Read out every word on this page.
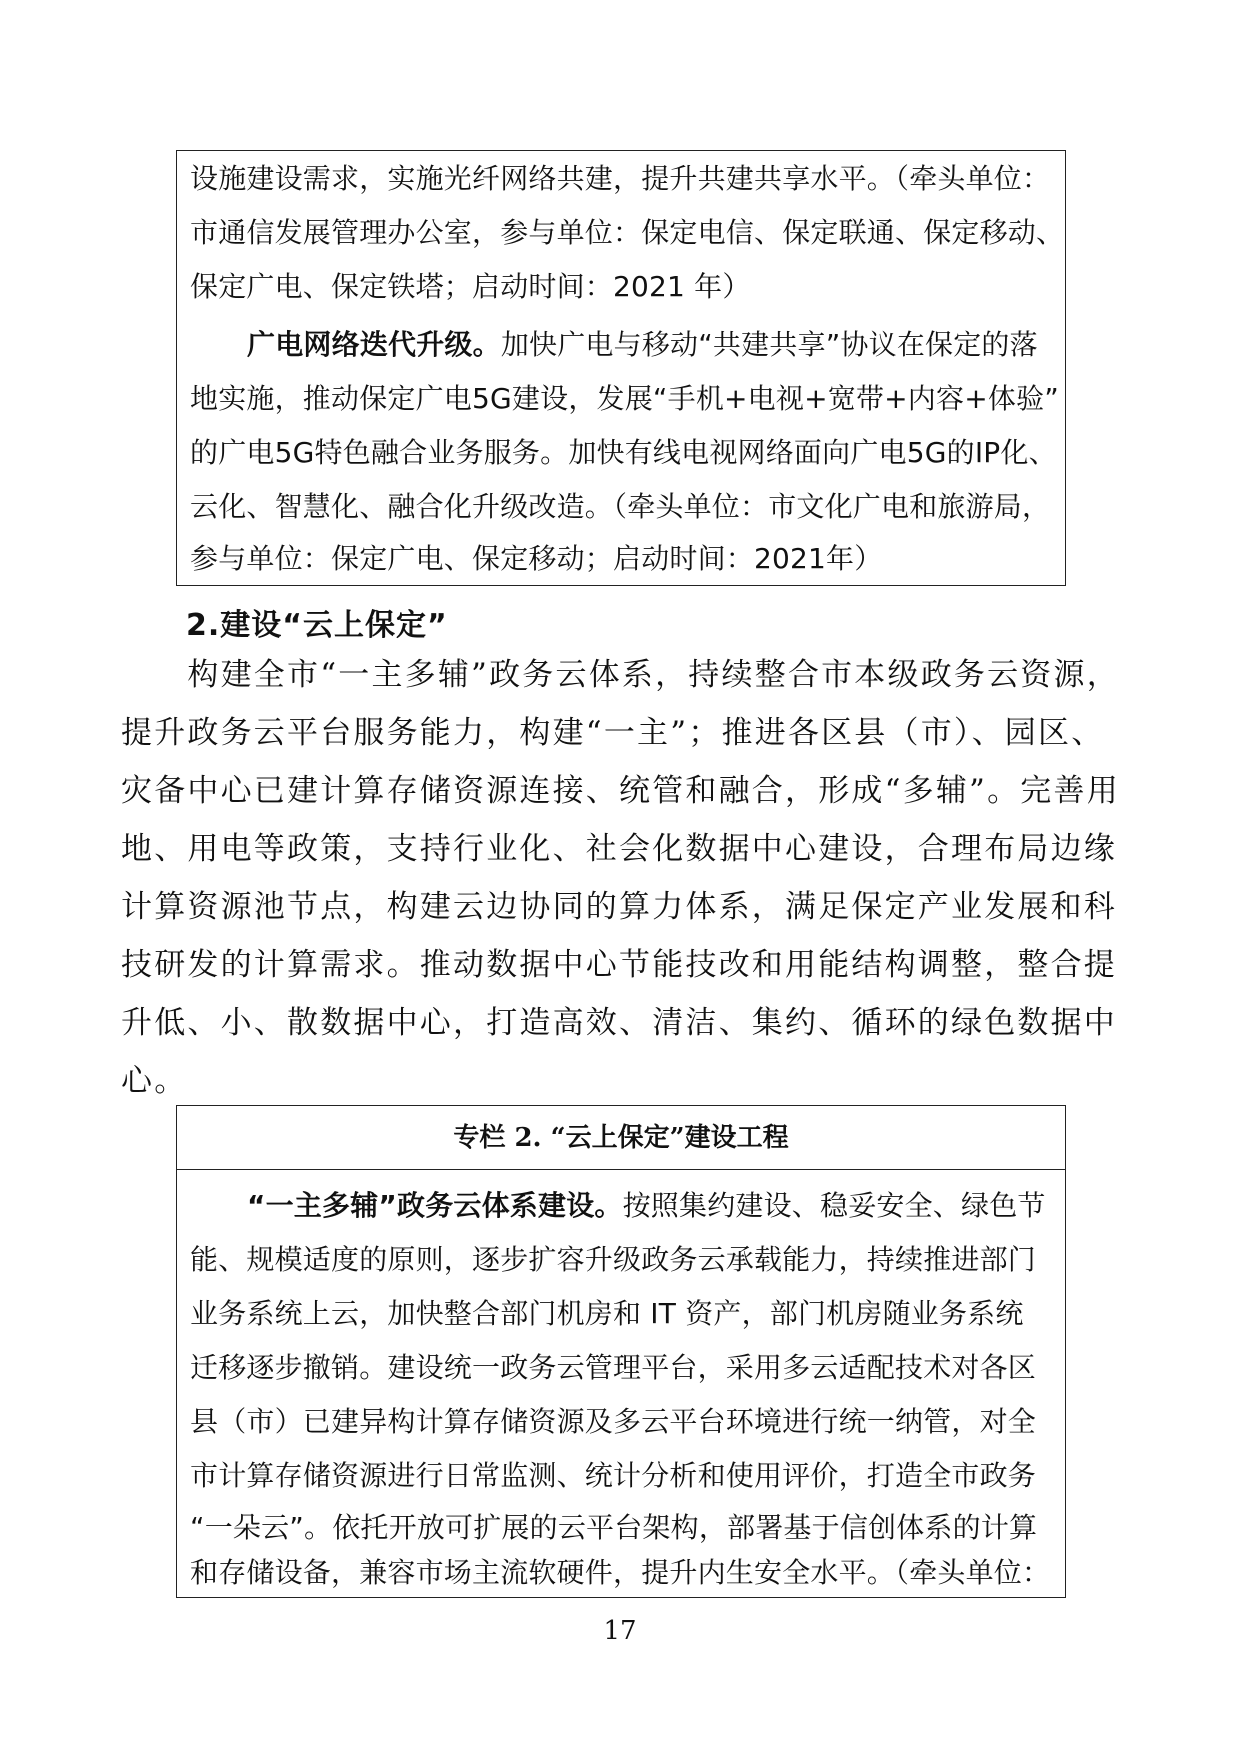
设施建设需求，实施光纤网络共建，提升共建共享水平。（牵头单位：
市通信发展管理办公室，参与单位：保定电信、保定联通、保定移动、
保定广电、保定铁塔；启动时间：2021 年）
广电网络迭代升级。加快广电与移动“共建共享”协议在保定的落
地实施，推动保定广电5G建设，发展“手机+电视+宽带+内容+体验”
的广电5G特色融合业务服务。加快有线电视网络面向广电5G的IP化、
云化、智慧化、融合化升级改造。（牵头单位：市文化广电和旅游局，
参与单位：保定广电、保定移动；启动时间：2021年）
2.建设“云上保定”
　　构建全市“一主多辅”政务云体系，持续整合市本级政务云资源，
提升政务云平台服务能力，构建“一主”；推进各区县（市）、园区、
灾备中心已建计算存储资源连接、统管和融合，形成“多辅”。完善用
地、用电等政策，支持行业化、社会化数据中心建设，合理布局边缘
计算资源池节点，构建云边协同的算力体系，满足保定产业发展和科
技研发的计算需求。推动数据中心节能技改和用能结构调整，整合提
升低、小、散数据中心，打造高效、清洁、集约、循环的绿色数据中
心。
专栏 2. “云上保定”建设工程
“一主多辅”政务云体系建设。按照集约建设、稳妥安全、绿色节
能、规模适度的原则，逐步扩容升级政务云承载能力，持续推进部门
业务系统上云，加快整合部门机房和 IT 资产，部门机房随业务系统
迁移逐步撤销。建设统一政务云管理平台，采用多云适配技术对各区
县（市）已建异构计算存储资源及多云平台环境进行统一纳管，对全
市计算存储资源进行日常监测、统计分析和使用评价，打造全市政务
“一朵云”。依托开放可扩展的云平台架构，部署基于信创体系的计算
和存储设备，兼容市场主流软硬件，提升内生安全水平。（牵头单位：
17
